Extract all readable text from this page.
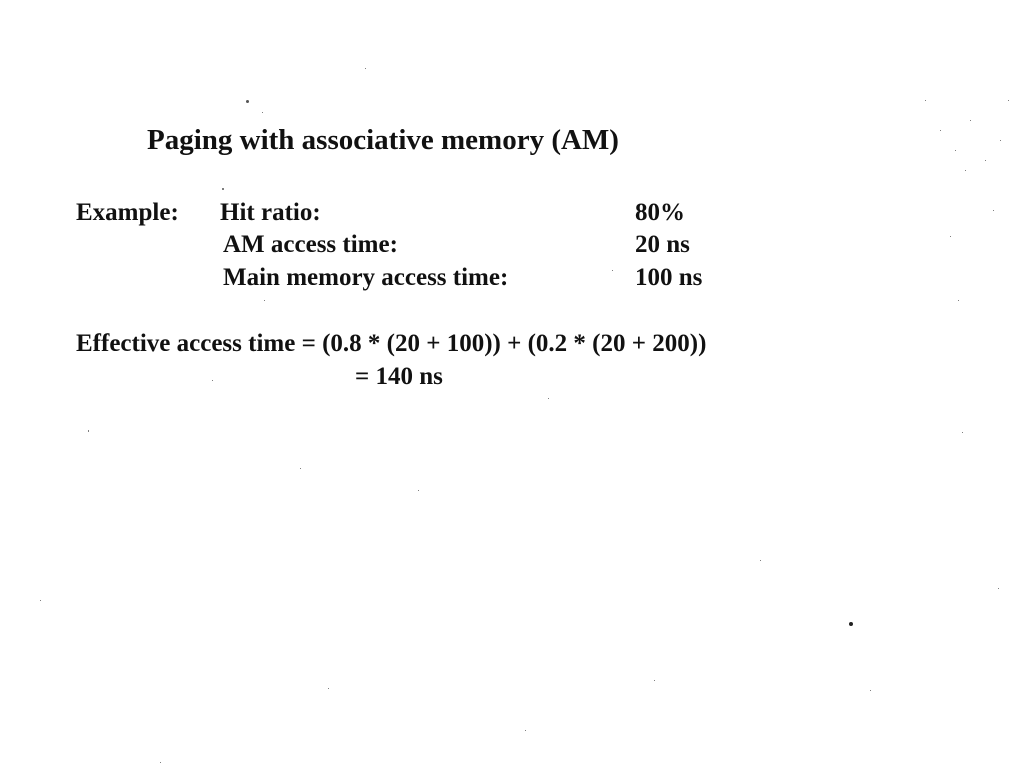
Paging with associative memory (AM)
Example: Hit ratio:	80%
AM access time:	20 ns
Main memory access time:	100 ns
Effective access time = (0.8 * (20 + 100)) + (0.2 * (20 + 200))
= 140 ns
